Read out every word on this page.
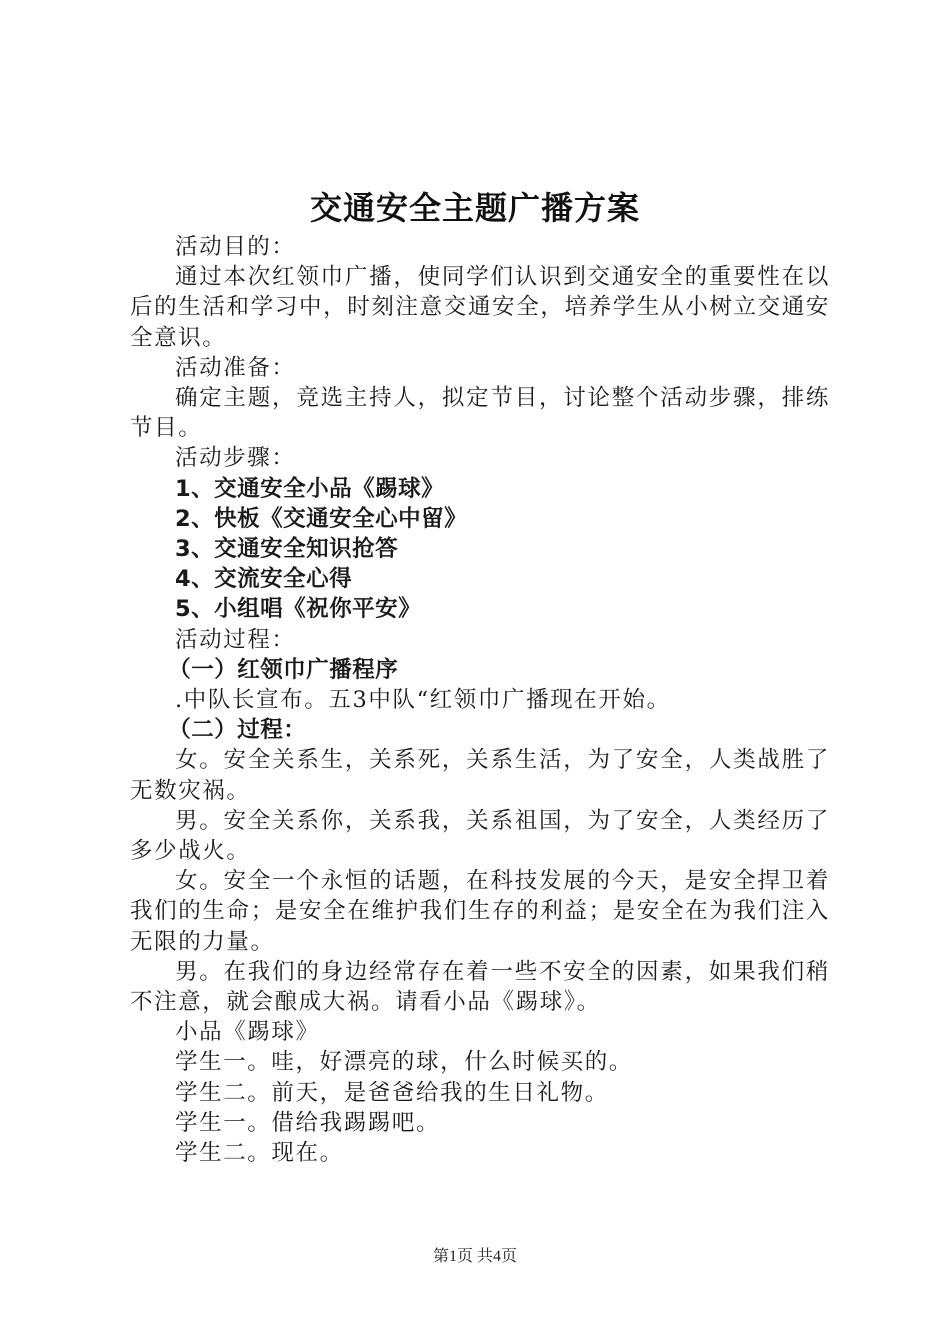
交通安全主题广播方案

活动目的：

通过本次红领巾广播，使同学们认识到交通安全的重要性在以后的生活和学习中，时刻注意交通安全，培养学生从小树立交通安全意识。

活动准备：

确定主题，竞选主持人，拟定节目，讨论整个活动步骤，排练节目。

活动步骤：

1、交通安全小品《踢球》

2、快板《交通安全心中留》

3、交通安全知识抢答

4、交流安全心得

5、小组唱《祝你平安》

活动过程：

（一）红领巾广播程序

.中队长宣布。五3中队“红领巾广播现在开始。

（二）过程：

女。安全关系生，关系死，关系生活，为了安全，人类战胜了无数灾祸。

男。安全关系你，关系我，关系祖国，为了安全，人类经历了多少战火。

女。安全一个永恒的话题，在科技发展的今天，是安全捍卫着我们的生命；是安全在维护我们生存的利益；是安全在为我们注入无限的力量。

男。在我们的身边经常存在着一些不安全的因素，如果我们稍不注意，就会酿成大祸。请看小品《踢球》。

小品《踢球》

学生一。哇，好漂亮的球，什么时候买的。

学生二。前天，是爸爸给我的生日礼物。

学生一。借给我踢踢吧。

学生二。现在。

第1页 共4页
